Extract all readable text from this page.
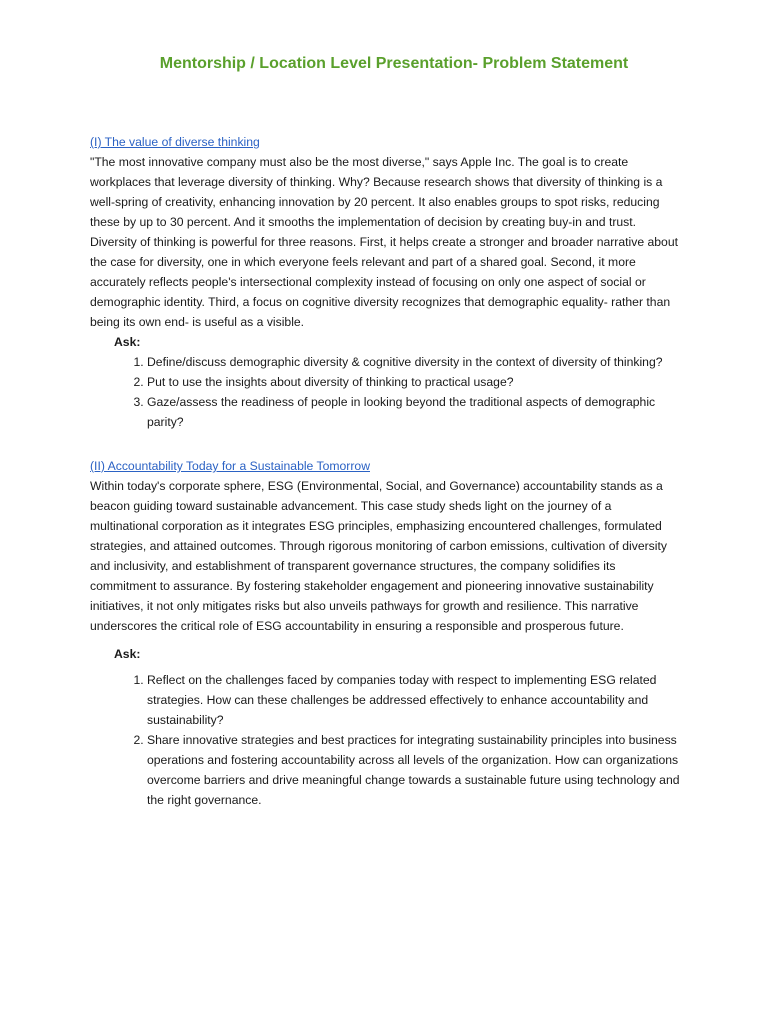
Mentorship / Location Level Presentation- Problem Statement
(I) The value of diverse thinking

"The most innovative company must also be the most diverse," says Apple Inc. The goal is to create workplaces that leverage diversity of thinking. Why? Because research shows that diversity of thinking is a well-spring of creativity, enhancing innovation by 20 percent. It also enables groups to spot risks, reducing these by up to 30 percent. And it smooths the implementation of decision by creating buy-in and trust. Diversity of thinking is powerful for three reasons. First, it helps create a stronger and broader narrative about the case for diversity, one in which everyone feels relevant and part of a shared goal. Second, it more accurately reflects people's intersectional complexity instead of focusing on only one aspect of social or demographic identity. Third, a focus on cognitive diversity recognizes that demographic equality- rather than being its own end- is useful as a visible.

Ask:
1. Define/discuss demographic diversity & cognitive diversity in the context of diversity of thinking?
2. Put to use the insights about diversity of thinking to practical usage?
3. Gaze/assess the readiness of people in looking beyond the traditional aspects of demographic parity?
(II) Accountability Today for a Sustainable Tomorrow

Within today's corporate sphere, ESG (Environmental, Social, and Governance) accountability stands as a beacon guiding toward sustainable advancement. This case study sheds light on the journey of a multinational corporation as it integrates ESG principles, emphasizing encountered challenges, formulated strategies, and attained outcomes. Through rigorous monitoring of carbon emissions, cultivation of diversity and inclusivity, and establishment of transparent governance structures, the company solidifies its commitment to assurance. By fostering stakeholder engagement and pioneering innovative sustainability initiatives, it not only mitigates risks but also unveils pathways for growth and resilience. This narrative underscores the critical role of ESG accountability in ensuring a responsible and prosperous future.

Ask:
1. Reflect on the challenges faced by companies today with respect to implementing ESG related strategies. How can these challenges be addressed effectively to enhance accountability and sustainability?
2. Share innovative strategies and best practices for integrating sustainability principles into business operations and fostering accountability across all levels of the organization. How can organizations overcome barriers and drive meaningful change towards a sustainable future using technology and the right governance.
